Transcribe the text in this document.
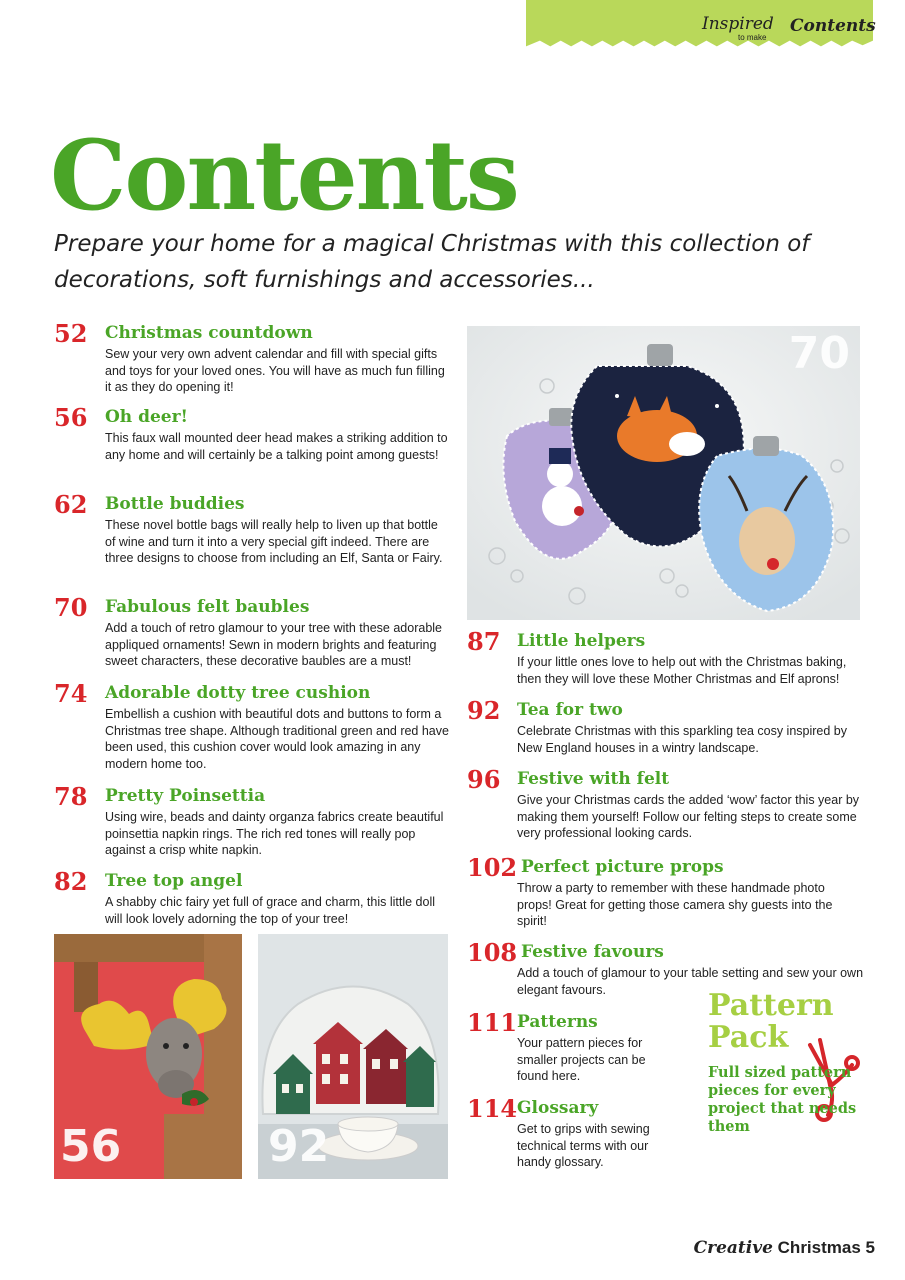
Inspired
to make
Contents
Contents
Prepare your home for a magical Christmas with this collection of decorations, soft furnishings and accessories...
52 Christmas countdown
Sew your very own advent calendar and fill with special gifts and toys for your loved ones. You will have as much fun filling it as they do opening it!
56 Oh deer!
This faux wall mounted deer head makes a striking addition to any home and will certainly be a talking point among guests!
62 Bottle buddies
These novel bottle bags will really help to liven up that bottle of wine and turn it into a very special gift indeed. There are three designs to choose from including an Elf, Santa or Fairy.
70 Fabulous felt baubles
Add a touch of retro glamour to your tree with these adorable appliqued ornaments! Sewn in modern brights and featuring sweet characters, these decorative baubles are a must!
74 Adorable dotty tree cushion
Embellish a cushion with beautiful dots and buttons to form a Christmas tree shape. Although traditional green and red have been used, this cushion cover would look amazing in any modern home too.
78 Pretty Poinsettia
Using wire, beads and dainty organza fabrics create beautiful poinsettia napkin rings. The rich red tones will really pop against a crisp white napkin.
82 Tree top angel
A shabby chic fairy yet full of grace and charm, this little doll will look lovely adorning the top of your tree!
87 Little helpers
If your little ones love to help out with the Christmas baking, then they will love these Mother Christmas and Elf aprons!
92 Tea for two
Celebrate Christmas with this sparkling tea cosy inspired by New England houses in a wintry landscape.
96 Festive with felt
Give your Christmas cards the added ‘wow’ factor this year by making them yourself! Follow our felting steps to create some very professional looking cards.
102 Perfect picture props
Throw a party to remember with these handmade photo props! Great for getting those camera shy guests into the spirit!
108 Festive favours
Add a touch of glamour to your table setting and sew your own elegant favours.
111 Patterns
Your pattern pieces for smaller projects can be found here.
114 Glossary
Get to grips with sewing technical terms with our handy glossary.
70
56	92
Pattern
Pack
Full sized pattern pieces for every project that needs them
Creative Christmas 5
